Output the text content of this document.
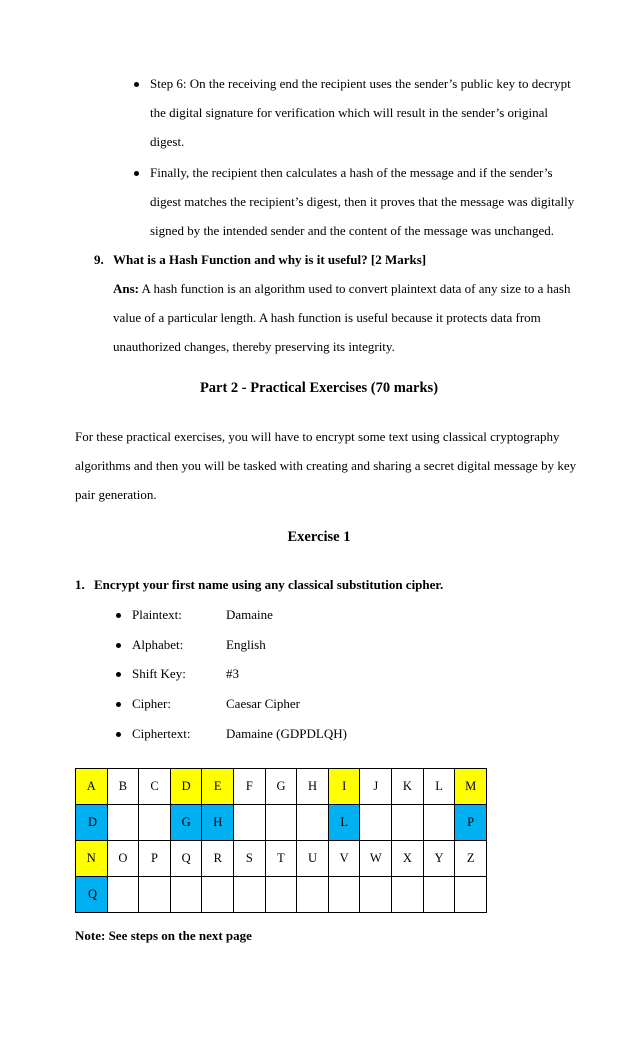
Step 6: On the receiving end the recipient uses the sender’s public key to decrypt
the digital signature for verification which will result in the sender’s original
digest.
Finally, the recipient then calculates a hash of the message and if the sender’s
digest matches the recipient’s digest, then it proves that the message was digitally
signed by the intended sender and the content of the message was unchanged.
9. What is a Hash Function and why is it useful? [2 Marks]
Ans: A hash function is an algorithm used to convert plaintext data of any size to a hash
value of a particular length. A hash function is useful because it protects data from
unauthorized changes, thereby preserving its integrity.
Part 2 - Practical Exercises (70 marks)
For these practical exercises, you will have to encrypt some text using classical cryptography
algorithms and then you will be tasked with creating and sharing a secret digital message by key
pair generation.
Exercise 1
1. Encrypt your first name using any classical substitution cipher.
Plaintext:	Damaine
Alphabet:	English
Shift Key:	#3
Cipher:	Caesar Cipher
Ciphertext:	Damaine (GDPDLQH)
A	B	C	D	E	F	G	H	I	J	K	L	M
D			G	H				L				P
N	O	P	Q	R	S	T	U	V	W	X	Y	Z
Q												
Note: See steps on the next page
